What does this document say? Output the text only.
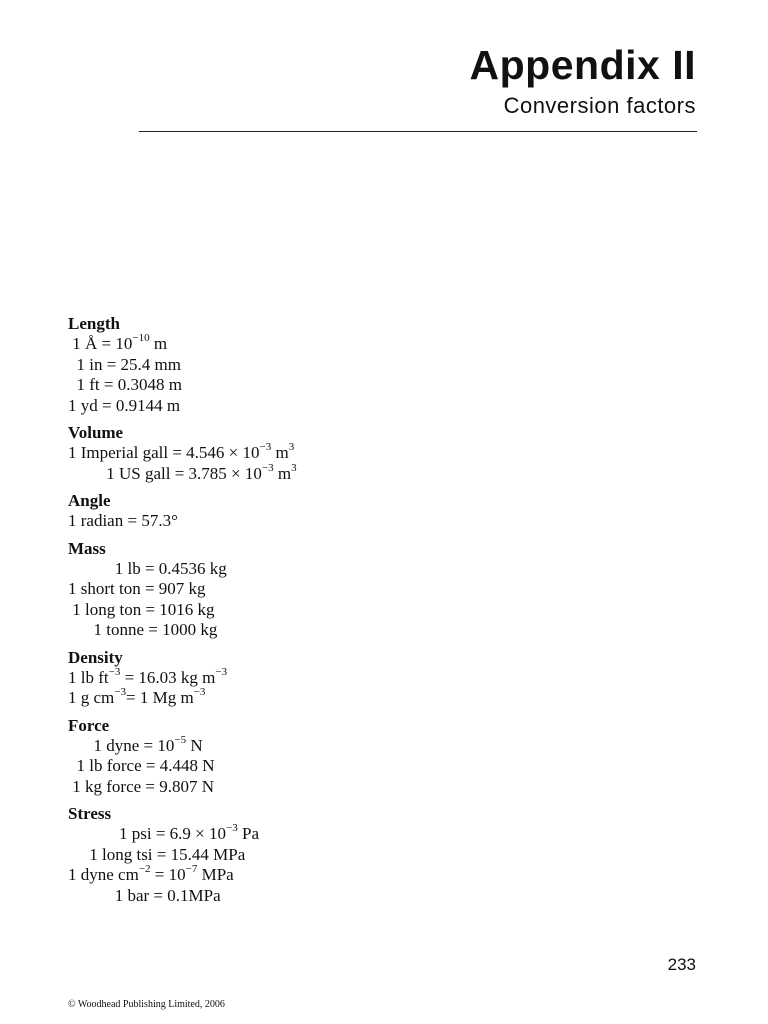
Appendix II
Conversion factors
Length
1 Å = $10^{-10}$ m
1 in = 25.4 mm
1 ft = 0.3048 m
1 yd = 0.9144 m
Volume
1 Imperial gall = $4.546 \times 10^{-3}$ $m^3$
1 US gall = $3.785 \times 10^{-3}$ $m^3$
Angle
1 radian = 57.3°
Mass
1 lb = 0.4536 kg
1 short ton = 907 kg
1 long ton = 1016 kg
1 tonne = 1000 kg
Density
1 lb $ft^{-3} = 16.03$ kg $m^{-3}$
1 g $cm^{-3}= 1$ Mg $m^{-3}$
Force
1 dyne = $10^{-5}$ N
1 lb force = 4.448 N
1 kg force = 9.807 N
Stress
1 psi = $6.9 \times 10^{-3}$ Pa
1 long tsi = 15.44 MPa
1 dyne $cm^{-2} = 10^{-7}$ MPa
1 bar = 0.1MPa
233
© Woodhead Publishing Limited, 2006
